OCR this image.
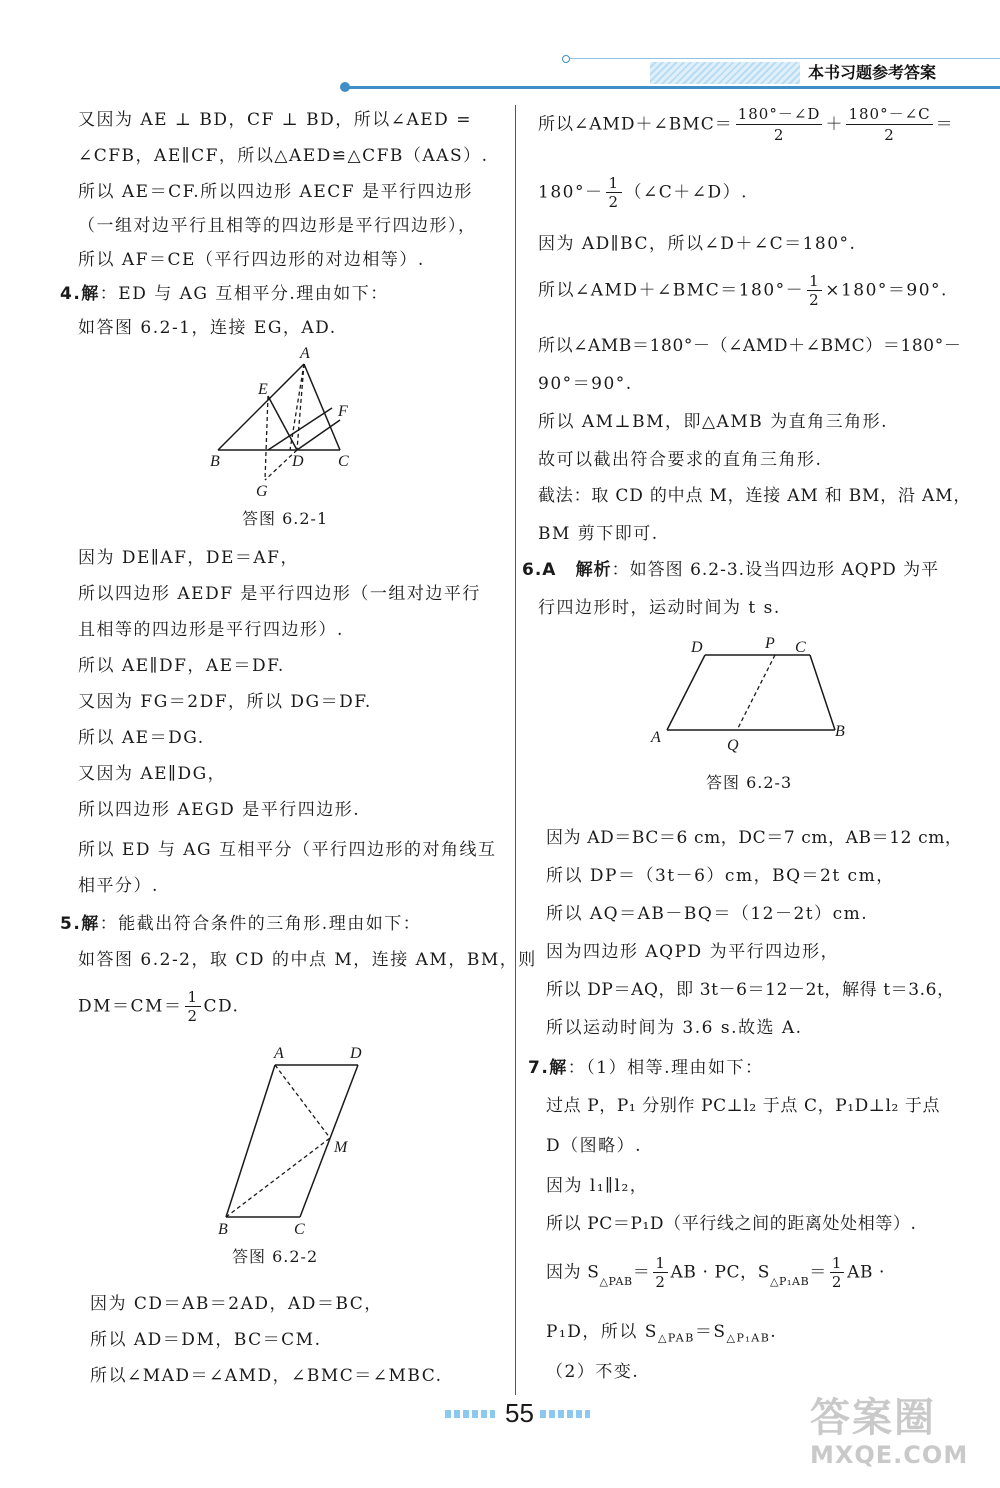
本书习题参考答案
又因为 AE ⊥ BD，CF ⊥ BD，所以∠AED =
∠CFB，AE∥CF，所以△AED≌△CFB（AAS）.
所以 AE＝CF.所以四边形 AECF 是平行四边形
（一组对边平行且相等的四边形是平行四边形），
所以 AF＝CE（平行四边形的对边相等）.
4.解：ED 与 AG 互相平分.理由如下：
如答图 6.2-1，连接 EG，AD.
A
E
F
B	D C
G
答图 6.2-1
因为 DE∥AF，DE＝AF，
所以四边形 AEDF 是平行四边形（一组对边平行
且相等的四边形是平行四边形）.
所以 AE∥DF，AE＝DF.
又因为 FG＝2DF，所以 DG＝DF.
所以 AE＝DG.
又因为 AE∥DG，
所以四边形 AEGD 是平行四边形.
所以 ED 与 AG 互相平分（平行四边形的对角线互
相平分）.
5.解：能截出符合条件的三角形.理由如下：
如答图 6.2-2，取 CD 的中点 M，连接 AM，BM，则
$DM=CM= \frac{1}{2}$ CD.
A	D
M
B	C
答图 6.2-2
因为 CD＝AB＝2AD，AD＝BC，
所以 AD＝DM，BC＝CM.
所以∠MAD＝∠AMD，∠BMC＝∠MBC.
所以∠AMD＋∠BMC＝ $\frac{180^\circ-\angle D}{2} + \frac{180^\circ-\angle C}{2}$ ＝
$180^\circ- \frac{1}{2}$ （∠C＋∠D）.
因为 AD∥BC，所以∠D＋∠C＝180°.
所以∠AMD＋∠BMC＝180°－ $\frac{1}{2} \times 180^\circ=90^\circ$.
所以∠AMB＝180°－（∠AMD＋∠BMC）＝180°－
90°＝90°.
所以 AM⊥BM，即△AMB 为直角三角形.
故可以截出符合要求的直角三角形.
截法：取 CD 的中点 M，连接 AM 和 BM，沿 AM，
BM 剪下即可.
6.A 解析：如答图 6.2-3.设当四边形 AQPD 为平
行四边形时，运动时间为 t s.
D	P C
A	Q
B
答图 6.2-3
因为 AD＝BC＝6 cm，DC＝7 cm，AB＝12 cm，
所以 DP＝（3t－6）cm，BQ＝2t cm，
所以 AQ＝AB－BQ＝（12－2t）cm.
因为四边形 AQPD 为平行四边形，
所以 DP＝AQ，即 3t－6＝12－2t，解得 t＝3.6，
所以运动时间为 3.6 s.故选 A.
7.解：（1）相等.理由如下：
过点 P，P₁ 分别作 PC⊥l₂ 于点 C，P₁D⊥l₂ 于点
D（图略）.
因为 l₁∥l₂，
所以 PC＝P₁D（平行线之间的距离处处相等）.
因为 $S_{\triangle PAB}= \frac{1}{2}$ AB · PC，$S_{\triangle P_1AB}= \frac{1}{2}$ AB ·
P₁D，所以 $S_{\triangle PAB}=S_{\triangle P_1AB}$.
（2）不变.
55	答案圈
MXQE.COM
